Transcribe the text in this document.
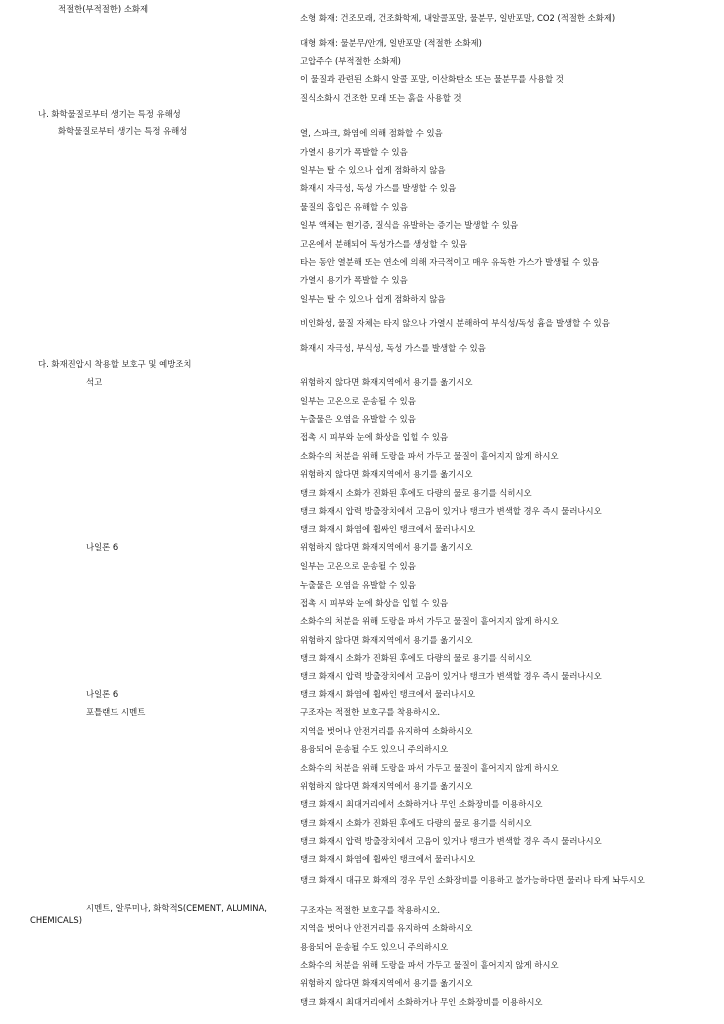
적절한(부적절한) 소화제
나. 화학물질로부터 생기는 특정 유해성
화학물질로부터 생기는 특정 유해성
다. 화재진압시 착용할 보호구 및 예방조치
석고
나일론 6
나일론 6
포틀랜드 시멘트
시멘트, 알루미나, 화학적S(CEMENT, ALUMINA, CHEMICALS)
소형 화재: 건조모래, 건조화학제, 내알콜포말, 물분무, 일반포말, CO2 (적절한 소화제)
대형 화재: 물분무/안개, 일반포말 (적절한 소화제)
고압주수 (부적절한 소화제)
이 물질과 관련된 소화시 알콜 포말, 이산화탄소 또는 물분무를 사용할 것
질식소화시 건조한 모래 또는 흙을 사용할 것
열, 스파크, 화염에 의해 점화할 수 있음
가열시 용기가 폭발할 수 있음
일부는 탈 수 있으나 쉽게 점화하지 않음
화재시 자극성, 독성 가스를 발생할 수 있음
물질의 흡입은 유해할 수 있음
일부 액체는 현기증, 질식을 유발하는 증기는 발생할 수 있음
고온에서 분해되어 독성가스를 생성할 수 있음
타는 동안 열분해 또는 연소에 의해 자극적이고 매우 유독한 가스가 발생될 수 있음
가열시 용기가 폭발할 수 있음
일부는 탈 수 있으나 쉽게 점화하지 않음
비인화성, 물질 자체는 타지 않으나 가열시 분해하여 부식성/독성 흄을 발생할 수 있음
화재시 자극성, 부식성, 독성 가스를 발생할 수 있음
위험하지 않다면 화재지역에서 용기를 옮기시오
일부는 고온으로 운송될 수 있음
누출물은 오염을 유발할 수 있음
접촉 시 피부와 눈에 화상을 입힐 수 있음
소화수의 처분을 위해 도랑을 파서 가두고 물질이 흩어지지 않게 하시오
위험하지 않다면 화재지역에서 용기를 옮기시오
탱크 화재시 소화가 진화된 후에도 다량의 물로 용기를 식히시오
탱크 화재시 압력 방출장치에서 고음이 있거나 탱크가 변색할 경우 즉시 물러나시오
탱크 화재시 화염에 휩싸인 탱크에서 물러나시오
위험하지 않다면 화재지역에서 용기를 옮기시오
일부는 고온으로 운송될 수 있음
누출물은 오염을 유발할 수 있음
접촉 시 피부와 눈에 화상을 입힐 수 있음
소화수의 처분을 위해 도랑을 파서 가두고 물질이 흩어지지 않게 하시오
위험하지 않다면 화재지역에서 용기를 옮기시오
탱크 화재시 소화가 진화된 후에도 다량의 물로 용기를 식히시오
탱크 화재시 압력 방출장치에서 고음이 있거나 탱크가 변색할 경우 즉시 물러나시오
탱크 화재시 화염에 휩싸인 탱크에서 물러나시오
구조자는 적절한 보호구를 착용하시오.
지역을 벗어나 안전거리를 유지하여 소화하시오
용융되어 운송될 수도 있으니 주의하시오
소화수의 처분을 위해 도랑을 파서 가두고 물질이 흩어지지 않게 하시오
위험하지 않다면 화재지역에서 용기를 옮기시오
탱크 화재시 최대거리에서 소화하거나 무인 소화장비를 이용하시오
탱크 화재시 소화가 진화된 후에도 다량의 물로 용기를 식히시오
탱크 화재시 압력 방출장치에서 고음이 있거나 탱크가 변색할 경우 즉시 물러나시오
탱크 화재시 화염에 휩싸인 탱크에서 물러나시오
구조자는 적절한 보호구를 착용하시오.
지역을 벗어나 안전거리를 유지하여 소화하시오
용융되어 운송될 수도 있으니 주의하시오
소화수의 처분을 위해 도랑을 파서 가두고 물질이 흩어지지 않게 하시오
위험하지 않다면 화재지역에서 용기를 옮기시오
탱크 화재시 최대거리에서 소화하거나 무인 소화장비를 이용하시오
탱크 화재시 대규모 화재의 경우 무인 소화장비를 이용하고 불가능하다면 물러나 타게 놔두시오
